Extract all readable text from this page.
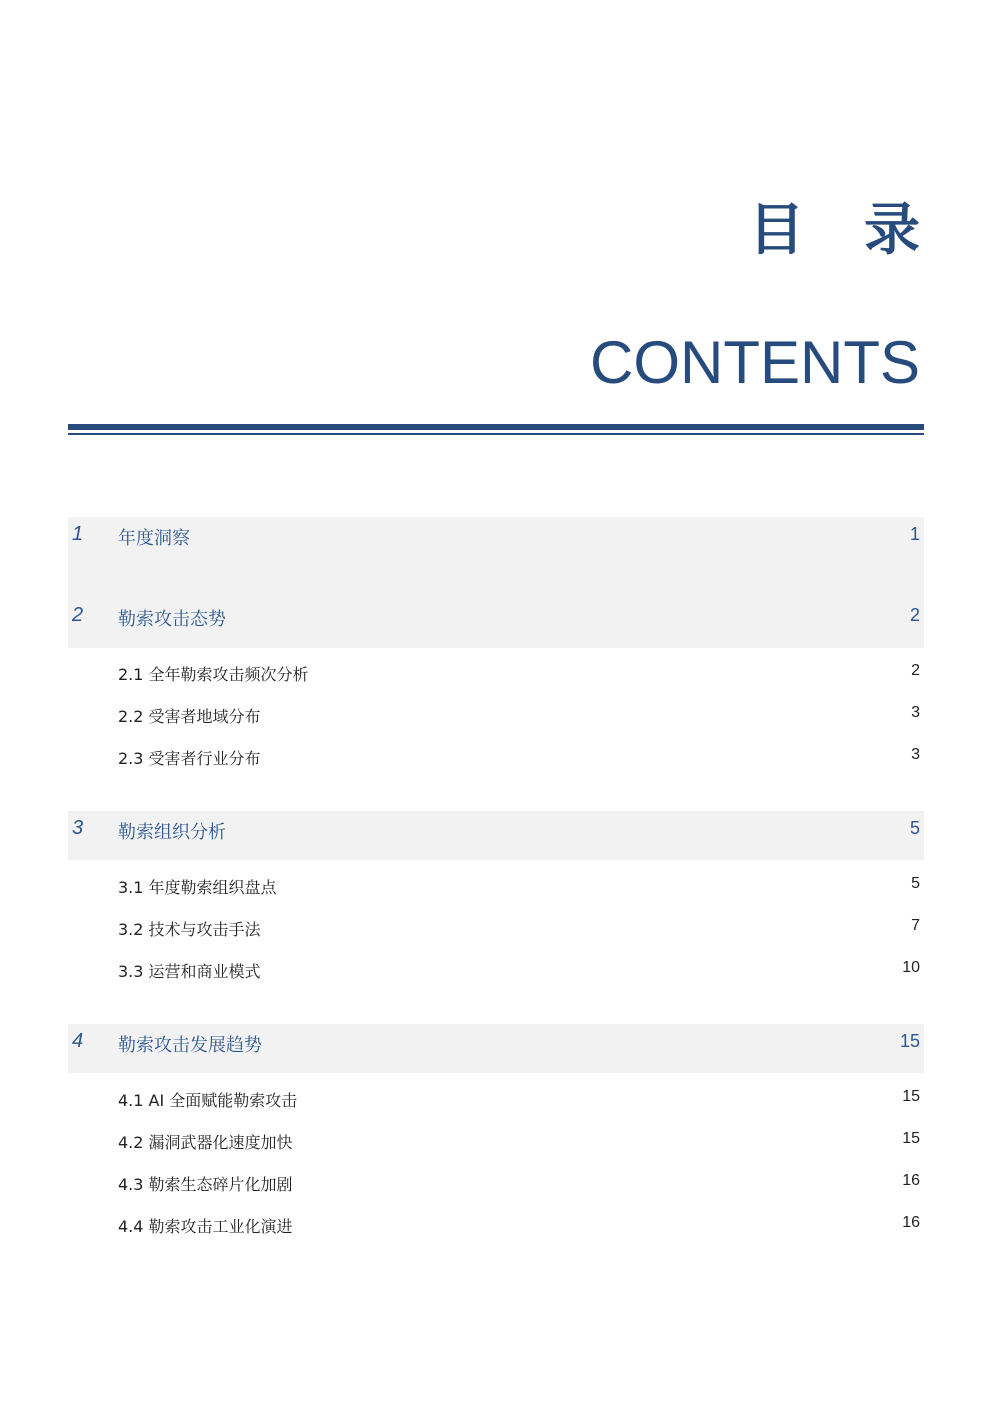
目 录
CONTENTS
1 年度洞察	1
2 勒索攻击态势	2
2.1 全年勒索攻击频次分析	2
2.2 受害者地域分布	3
2.3 受害者行业分布	3
3 勒索组织分析	5
3.1 年度勒索组织盘点	5
3.2 技术与攻击手法	7
3.3 运营和商业模式	10
4 勒索攻击发展趋势	15
4.1 AI 全面赋能勒索攻击	15
4.2 漏洞武器化速度加快	15
4.3 勒索生态碎片化加剧	16
4.4 勒索攻击工业化演进	16
